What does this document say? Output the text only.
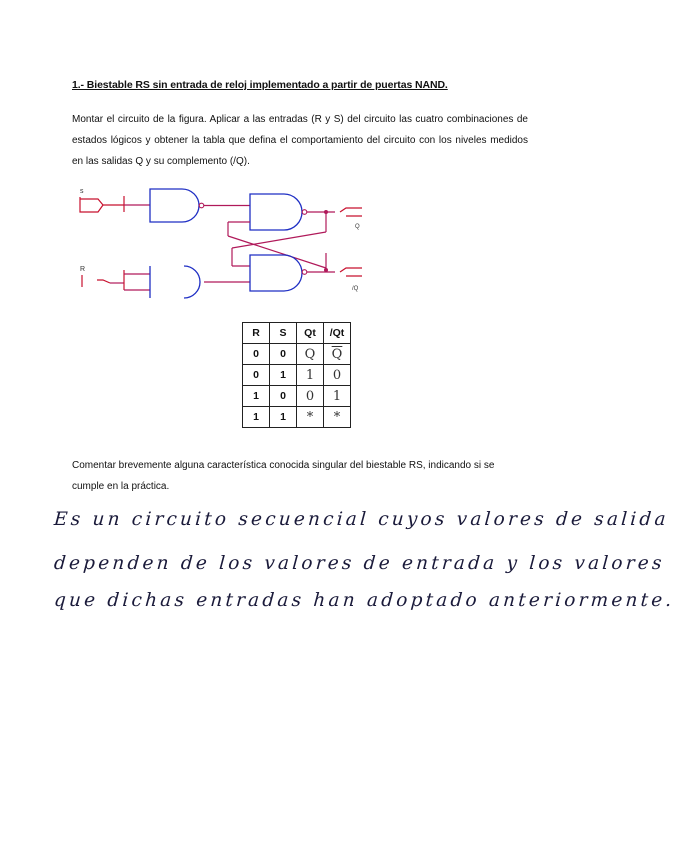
1.- Biestable RS sin entrada de reloj implementado a partir de puertas NAND.
Montar el circuito de la figura. Aplicar a las entradas (R y S) del circuito las cuatro combinaciones de estados lógicos y obtener la tabla que defina el comportamiento del circuito con los niveles medidos en las salidas Q y su complemento (/Q).
s
Q
R
/Q
R	S	Qt	/Qt
0	0	Q	$\overline{Q}$
0	1	1	0
1	0	0	1
1	1	*	*
Comentar brevemente alguna característica conocida singular del biestable RS, indicando si se cumple en la práctica.
Es un circuito secuencial cuyos valores de salida
dependen de los valores de entrada y los valores
que dichas entradas han adoptado anteriormente.
